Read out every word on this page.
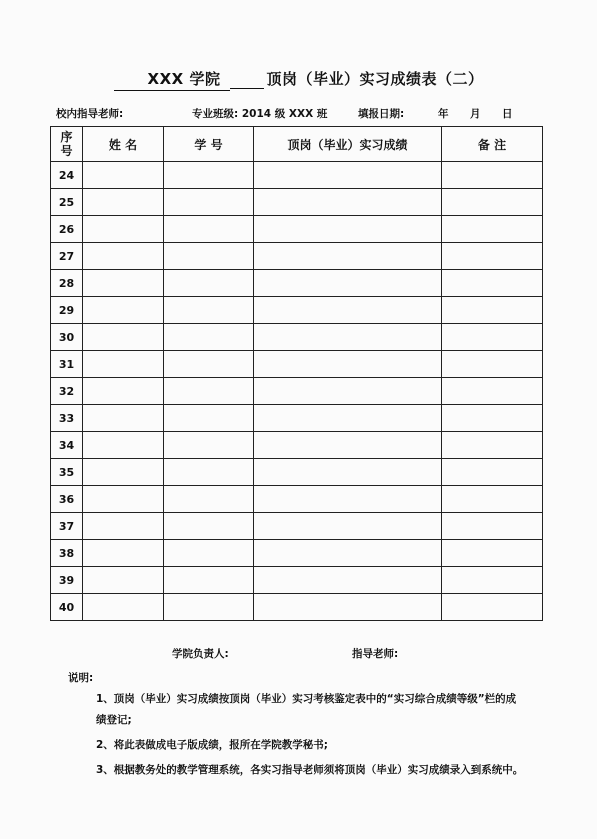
XXX 学院	顶岗（毕业）实习成绩表（二）
校内指导老师:	专业班级: 2014 级 XXX 班	填报日期:	年 月 日
序
号	姓 名	学 号	顶岗（毕业）实习成绩	备 注
24				
25				
26				
27				
28				
29				
30				
31				
32				
33				
34				
35				
36				
37				
38				
39				
40				
学院负责人:	指导老师:
说明:
1、顶岗（毕业）实习成绩按顶岗（毕业）实习考核鉴定表中的“实习综合成绩等级”栏的成
绩登记;
2、将此表做成电子版成绩，报所在学院教学秘书;
3、根据教务处的教学管理系统，各实习指导老师须将顶岗（毕业）实习成绩录入到系统中。
